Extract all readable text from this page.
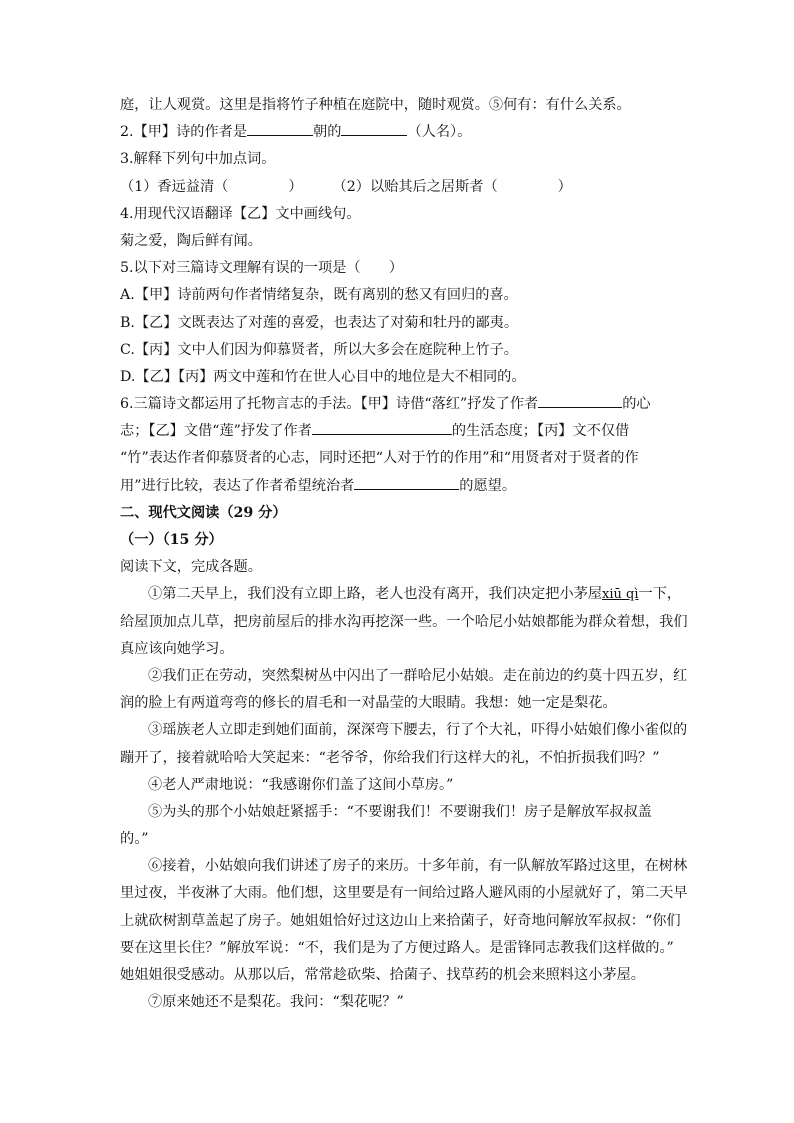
庭，让人观赏。这里是指将竹子种植在庭院中，随时观赏。⑤何有：有什么关系。
2.【甲】诗的作者是	朝的	（人名）。
3.解释下列句中加点词。
（1）香远益清（	） （2）以贻其后之居斯者（	）
4.用现代汉语翻译【乙】文中画线句。
菊之爱，陶后鲜有闻。
5.以下对三篇诗文理解有误的一项是（　　）
A.【甲】诗前两句作者情绪复杂，既有离别的愁又有回归的喜。
B.【乙】文既表达了对莲的喜爱，也表达了对菊和牡丹的鄙夷。
C.【丙】文中人们因为仰慕贤者，所以大多会在庭院种上竹子。
D.【乙】【丙】两文中莲和竹在世人心目中的地位是大不相同的。
6.三篇诗文都运用了托物言志的手法。【甲】诗借“落红”抒发了作者	的心
志；【乙】文借“莲”抒发了作者	的生活态度；【丙】文不仅借
“竹”表达作者仰慕贤者的心志，同时还把“人对于竹的作用”和“用贤者对于贤者的作
用”进行比较，表达了作者希望统治者	的愿望。
二、现代文阅读（29 分）
（一）（15 分）
阅读下文，完成各题。
①第二天早上，我们没有立即上路，老人也没有离开，我们决定把小茅屋xiū qì一下，
给屋顶加点儿草，把房前屋后的排水沟再挖深一些。一个哈尼小姑娘都能为群众着想，我们
真应该向她学习。
②我们正在劳动，突然梨树丛中闪出了一群哈尼小姑娘。走在前边的约莫十四五岁，红
润的脸上有两道弯弯的修长的眉毛和一对晶莹的大眼睛。我想：她一定是梨花。
③瑶族老人立即走到她们面前，深深弯下腰去，行了个大礼，吓得小姑娘们像小雀似的
蹦开了，接着就哈哈大笑起来：“老爷爷，你给我们行这样大的礼，不怕折损我们吗？”
④老人严肃地说：“我感谢你们盖了这间小草房。”
⑤为头的那个小姑娘赶紧摇手：“不要谢我们！不要谢我们！房子是解放军叔叔盖
的。”
⑥接着，小姑娘向我们讲述了房子的来历。十多年前，有一队解放军路过这里，在树林
里过夜，半夜淋了大雨。他们想，这里要是有一间给过路人避风雨的小屋就好了，第二天早
上就砍树割草盖起了房子。她姐姐恰好过这边山上来拾菌子，好奇地问解放军叔叔：“你们
要在这里长住？”解放军说：“不，我们是为了方便过路人。是雷锋同志教我们这样做的。”
她姐姐很受感动。从那以后，常常趁砍柴、拾菌子、找草药的机会来照料这小茅屋。
⑦原来她还不是梨花。我问：“梨花呢？”
